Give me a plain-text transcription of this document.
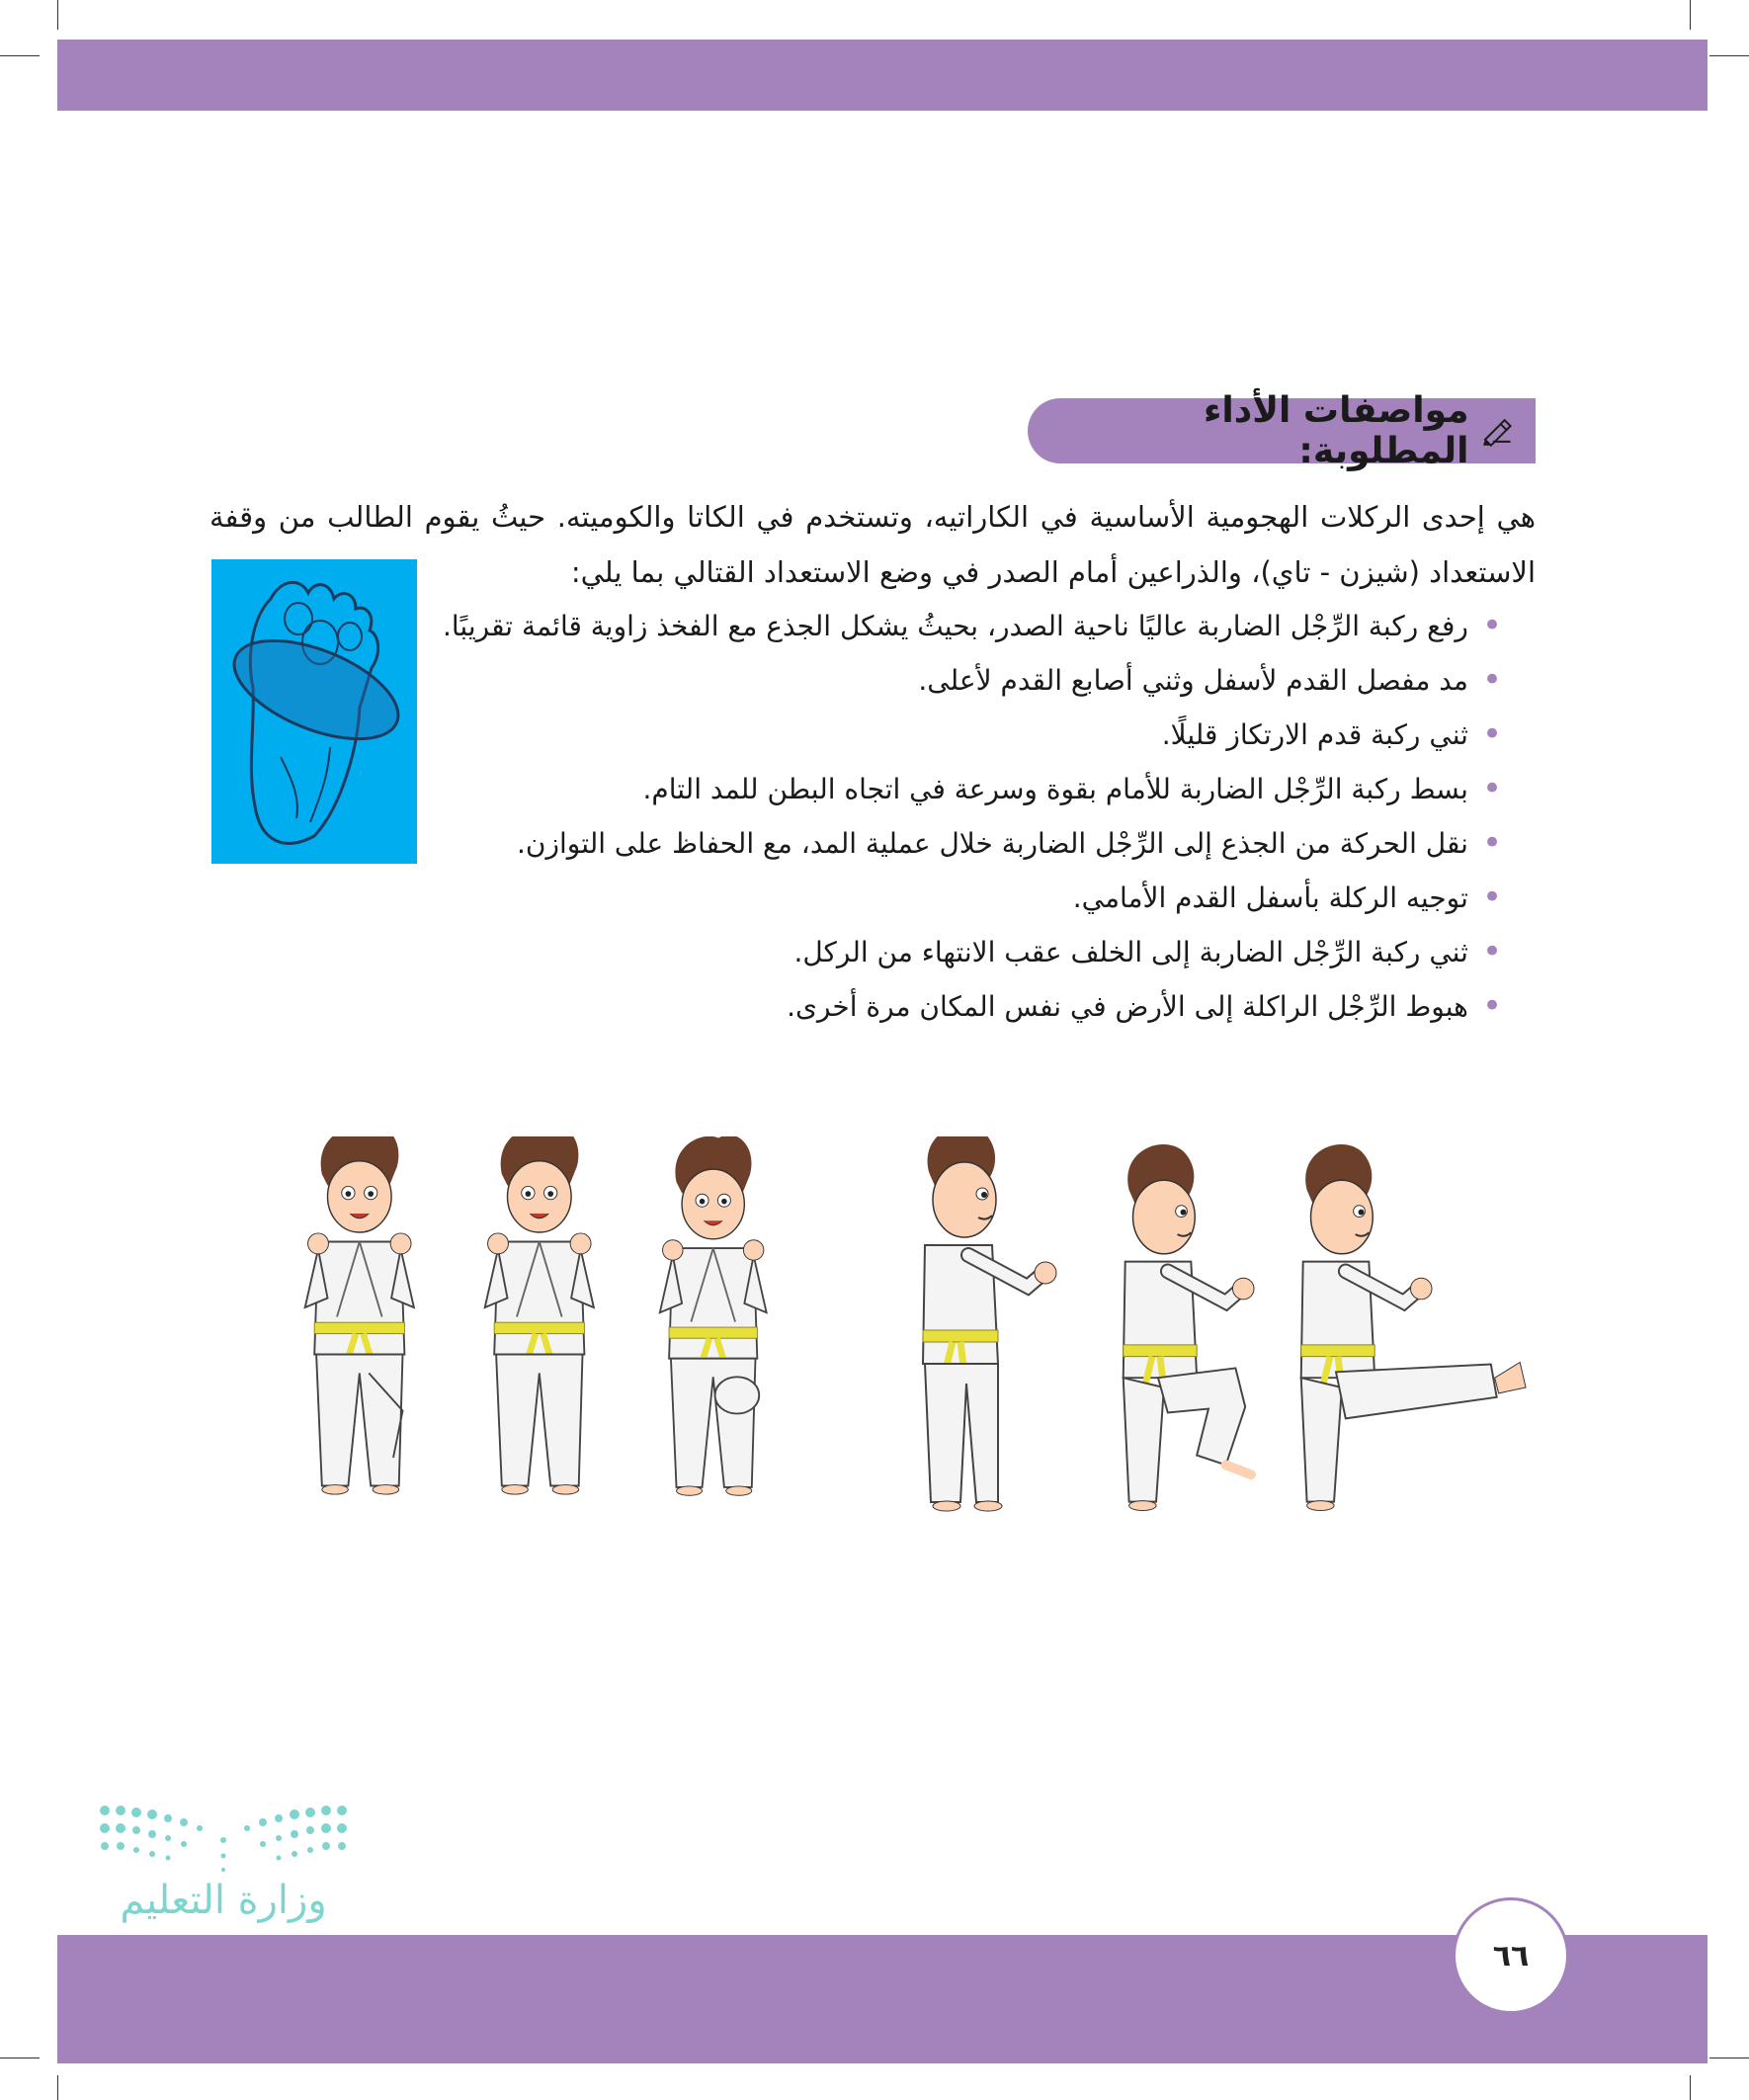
مواصفات الأداء المطلوبة:
هي إحدى الركلات الهجومية الأساسية في الكاراتيه، وتستخدم في الكاتا والكوميته. حيثُ يقوم الطالب من وقفة الاستعداد (شيزن - تاي)، والذراعين أمام الصدر في وضع الاستعداد القتالي بما يلي:
•
رفع ركبة الرِّجْل الضاربة عاليًا ناحية الصدر، بحيثُ يشكل الجذع مع الفخذ زاوية قائمة تقريبًا.
•
مد مفصل القدم لأسفل وثني أصابع القدم لأعلى.
•
ثني ركبة قدم الارتكاز قليلًا.
•
بسط ركبة الرِّجْل الضاربة للأمام بقوة وسرعة في اتجاه البطن للمد التام.
•
نقل الحركة من الجذع إلى الرِّجْل الضاربة خلال عملية المد، مع الحفاظ على التوازن.
•
توجيه الركلة بأسفل القدم الأمامي.
•
ثني ركبة الرِّجْل الضاربة إلى الخلف عقب الانتهاء من الركل.
•
هبوط الرِّجْل الراكلة إلى الأرض في نفس المكان مرة أخرى.
وزارة التعليم
٦٦
